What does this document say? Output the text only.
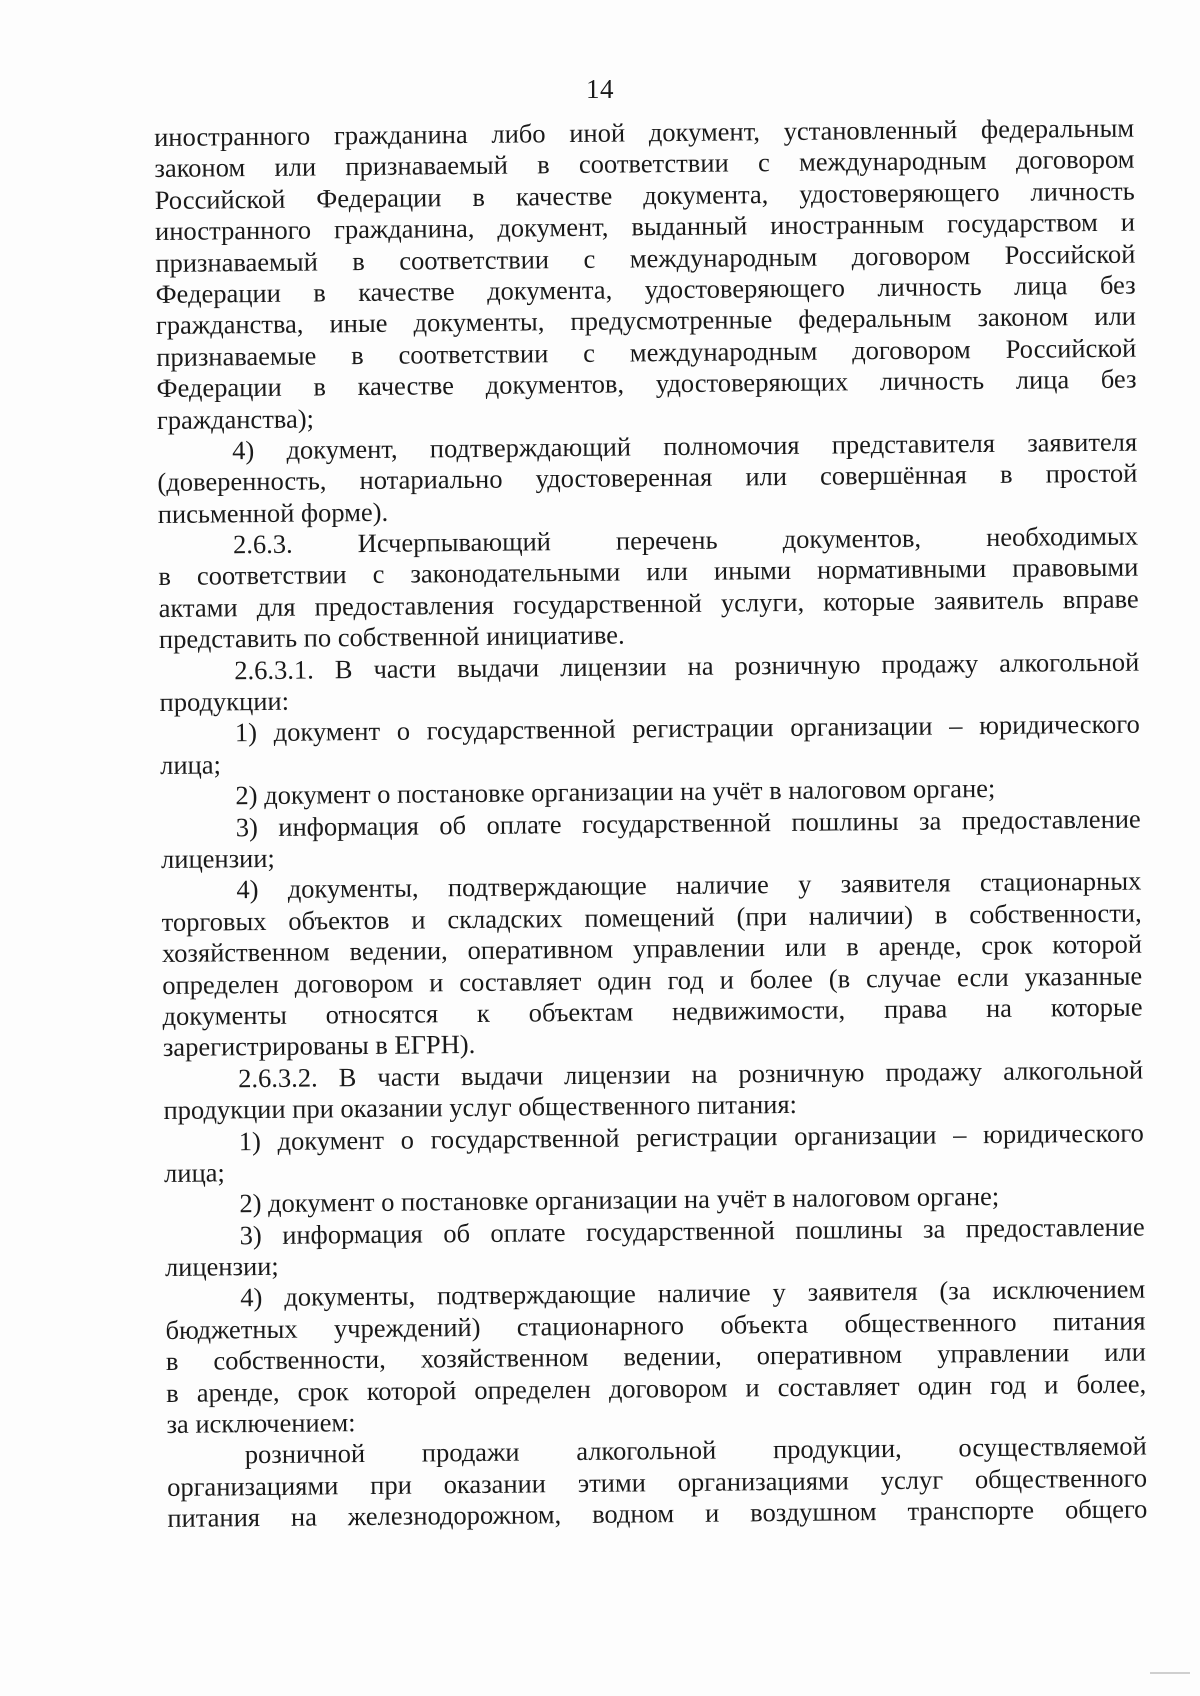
14
иностранного гражданина либо иной документ, установленный федеральным
законом или признаваемый в соответствии с международным договором
Российской Федерации в качестве документа, удостоверяющего личность
иностранного гражданина, документ, выданный иностранным государством и
признаваемый в соответствии с международным договором Российской
Федерации в качестве документа, удостоверяющего личность лица без
гражданства, иные документы, предусмотренные федеральным законом или
признаваемые в соответствии с международным договором Российской
Федерации в качестве документов, удостоверяющих личность лица без
гражданства);
4) документ, подтверждающий полномочия представителя заявителя
(доверенность, нотариально удостоверенная или совершённая в простой
письменной форме).
2.6.3. Исчерпывающий перечень документов, необходимых
в соответствии с законодательными или иными нормативными правовыми
актами для предоставления государственной услуги, которые заявитель вправе
представить по собственной инициативе.
2.6.3.1. В части выдачи лицензии на розничную продажу алкогольной
продукции:
1) документ о государственной регистрации организации – юридического
лица;
2) документ о постановке организации на учёт в налоговом органе;
3) информация об оплате государственной пошлины за предоставление
лицензии;
4) документы, подтверждающие наличие у заявителя стационарных
торговых объектов и складских помещений (при наличии) в собственности,
хозяйственном ведении, оперативном управлении или в аренде, срок которой
определен договором и составляет один год и более (в случае если указанные
документы относятся к объектам недвижимости, права на которые
зарегистрированы в ЕГРН).
2.6.3.2. В части выдачи лицензии на розничную продажу алкогольной
продукции при оказании услуг общественного питания:
1) документ о государственной регистрации организации – юридического
лица;
2) документ о постановке организации на учёт в налоговом органе;
3) информация об оплате государственной пошлины за предоставление
лицензии;
4) документы, подтверждающие наличие у заявителя (за исключением
бюджетных учреждений) стационарного объекта общественного питания
в собственности, хозяйственном ведении, оперативном управлении или
в аренде, срок которой определен договором и составляет один год и более,
за исключением:
розничной продажи алкогольной продукции, осуществляемой
организациями при оказании этими организациями услуг общественного
питания на железнодорожном, водном и воздушном транспорте общего
